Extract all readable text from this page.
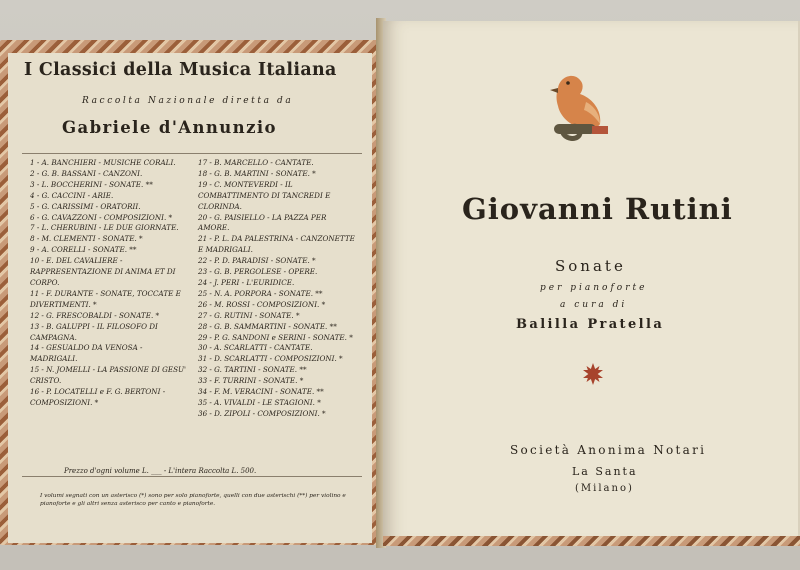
I Classici della Musica Italiana
Raccolta Nazionale diretta da
Gabriele d'Annunzio
1 - A. BANCHIERI - MUSICHE CORALI.
2 - G. B. BASSANI - CANZONI.
3 - L. BOCCHERINI - SONATE. **
4 - G. CACCINI - ARIE.
5 - G. CARISSIMI - ORATORII.
6 - G. CAVAZZONI - COMPOSIZIONI. *
7 - L. CHERUBINI - LE DUE GIORNATE.
8 - M. CLEMENTI - SONATE. *
9 - A. CORELLI - SONATE. **
10 - E. DEL CAVALIERE - RAPPRESENTAZIONE DI ANIMA ET DI CORPO.
11 - F. DURANTE - SONATE, TOCCATE E DIVERTIMENTI. *
12 - G. FRESCOBALDI - SONATE. *
13 - B. GALUPPI - IL FILOSOFO DI CAMPAGNA.
14 - GESUALDO DA VENOSA - MADRIGALI.
15 - N. JOMELLI - LA PASSIONE DI GESU' CRISTO.
16 - P. LOCATELLI e F. G. BERTONI - COMPOSIZIONI. *
17 - B. MARCELLO - CANTATE.
18 - G. B. MARTINI - SONATE. *
19 - C. MONTEVERDI - IL COMBATTIMENTO DI TANCREDI E CLORINDA.
20 - G. PAISIELLO - LA PAZZA PER AMORE.
21 - P. L. DA PALESTRINA - CANZONETTE E MADRIGALI.
22 - P. D. PARADISI - SONATE. *
23 - G. B. PERGOLESE - OPERE.
24 - J. PERI - L'EURIDICE.
25 - N. A. PORPORA - SONATE. **
26 - M. ROSSI - COMPOSIZIONI. *
27 - G. RUTINI - SONATE. *
28 - G. B. SAMMARTINI - SONATE. **
29 - P. G. SANDONI e SERINI - SONATE. *
30 - A. SCARLATTI - CANTATE.
31 - D. SCARLATTI - COMPOSIZIONI. *
32 - G. TARTINI - SONATE. **
33 - F. TURRINI - SONATE. *
34 - F. M. VERACINI - SONATE. **
35 - A. VIVALDI - LE STAGIONI. *
36 - D. ZIPOLI - COMPOSIZIONI. *
Prezzo d'ogni volume L. ___ - L'intera Raccolta L. 500.
I volumi segnati con un asterisco (*) sono per solo pianoforte, quelli con due asterischi (**) per violino e pianoforte e gli altri senza asterisco per canto e pianoforte.
Giovanni Rutini
Sonate
per pianoforte
a cura di
Balilla Pratella
Società Anonima Notari
La Santa
(Milano)
